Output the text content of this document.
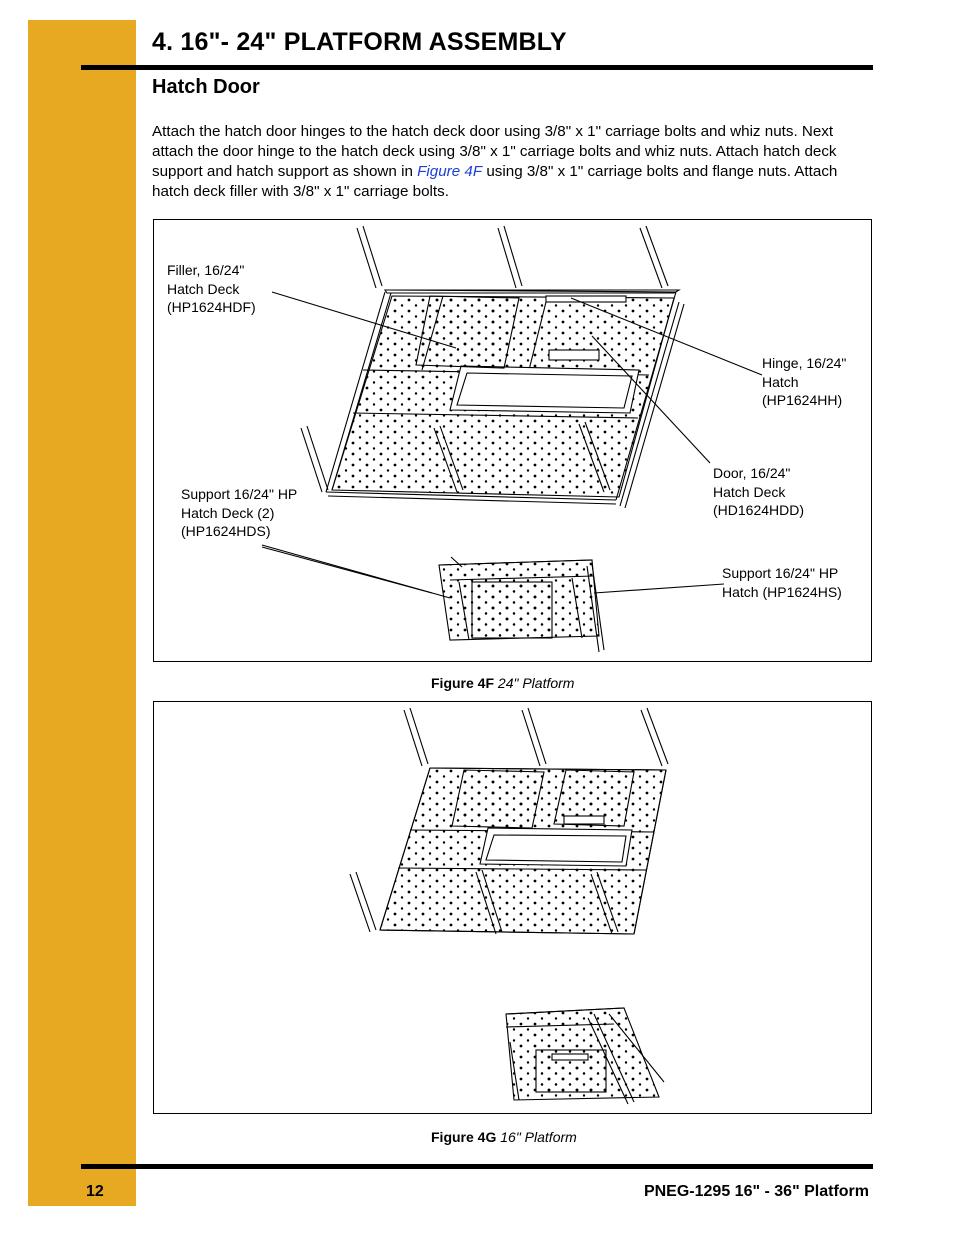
4. 16"- 24" PLATFORM ASSEMBLY
Hatch Door
Attach the hatch door hinges to the hatch deck door using 3/8" x 1" carriage bolts and whiz nuts. Next attach the door hinge to the hatch deck using 3/8" x 1" carriage bolts and whiz nuts. Attach hatch deck support and hatch support as shown in Figure 4F using 3/8" x 1" carriage bolts and flange nuts. Attach hatch deck filler with 3/8" x 1" carriage bolts.
Filler, 16/24"
Hatch Deck
(HP1624HDF)
Hinge, 16/24"
Hatch
(HP1624HH)
Door, 16/24"
Hatch Deck
(HD1624HDD)
Support 16/24" HP
Hatch Deck (2)
(HP1624HDS)
Support 16/24" HP
Hatch (HP1624HS)
Figure 4F 24" Platform
Figure 4G 16" Platform
12	PNEG-1295 16" - 36" Platform
